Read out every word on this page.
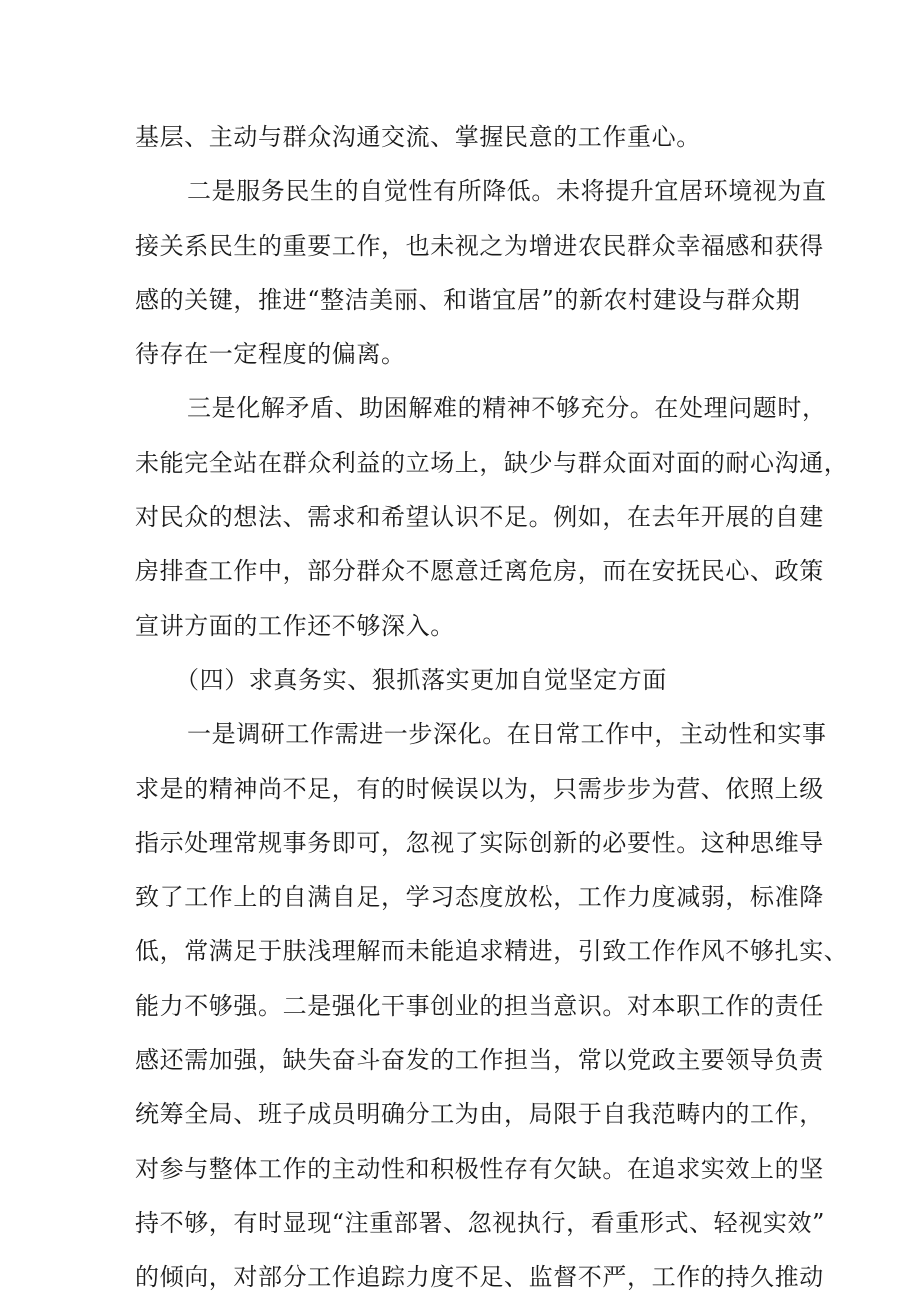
基层、主动与群众沟通交流、掌握民意的工作重心。
二是服务民生的自觉性有所降低。未将提升宜居环境视为直
接关系民生的重要工作，也未视之为增进农民群众幸福感和获得
感的关键，推进“整洁美丽、和谐宜居”的新农村建设与群众期
待存在一定程度的偏离。
三是化解矛盾、助困解难的精神不够充分。在处理问题时，
未能完全站在群众利益的立场上，缺少与群众面对面的耐心沟通，
对民众的想法、需求和希望认识不足。例如，在去年开展的自建
房排查工作中，部分群众不愿意迁离危房，而在安抚民心、政策
宣讲方面的工作还不够深入。
（四）求真务实、狠抓落实更加自觉坚定方面
一是调研工作需进一步深化。在日常工作中，主动性和实事
求是的精神尚不足，有的时候误以为，只需步步为营、依照上级
指示处理常规事务即可，忽视了实际创新的必要性。这种思维导
致了工作上的自满自足，学习态度放松，工作力度减弱，标准降
低，常满足于肤浅理解而未能追求精进，引致工作作风不够扎实、
能力不够强。二是强化干事创业的担当意识。对本职工作的责任
感还需加强，缺失奋斗奋发的工作担当，常以党政主要领导负责
统筹全局、班子成员明确分工为由，局限于自我范畴内的工作，
对参与整体工作的主动性和积极性存有欠缺。在追求实效上的坚
持不够，有时显现“注重部署、忽视执行，看重形式、轻视实效”
的倾向，对部分工作追踪力度不足、监督不严，工作的持久推动
